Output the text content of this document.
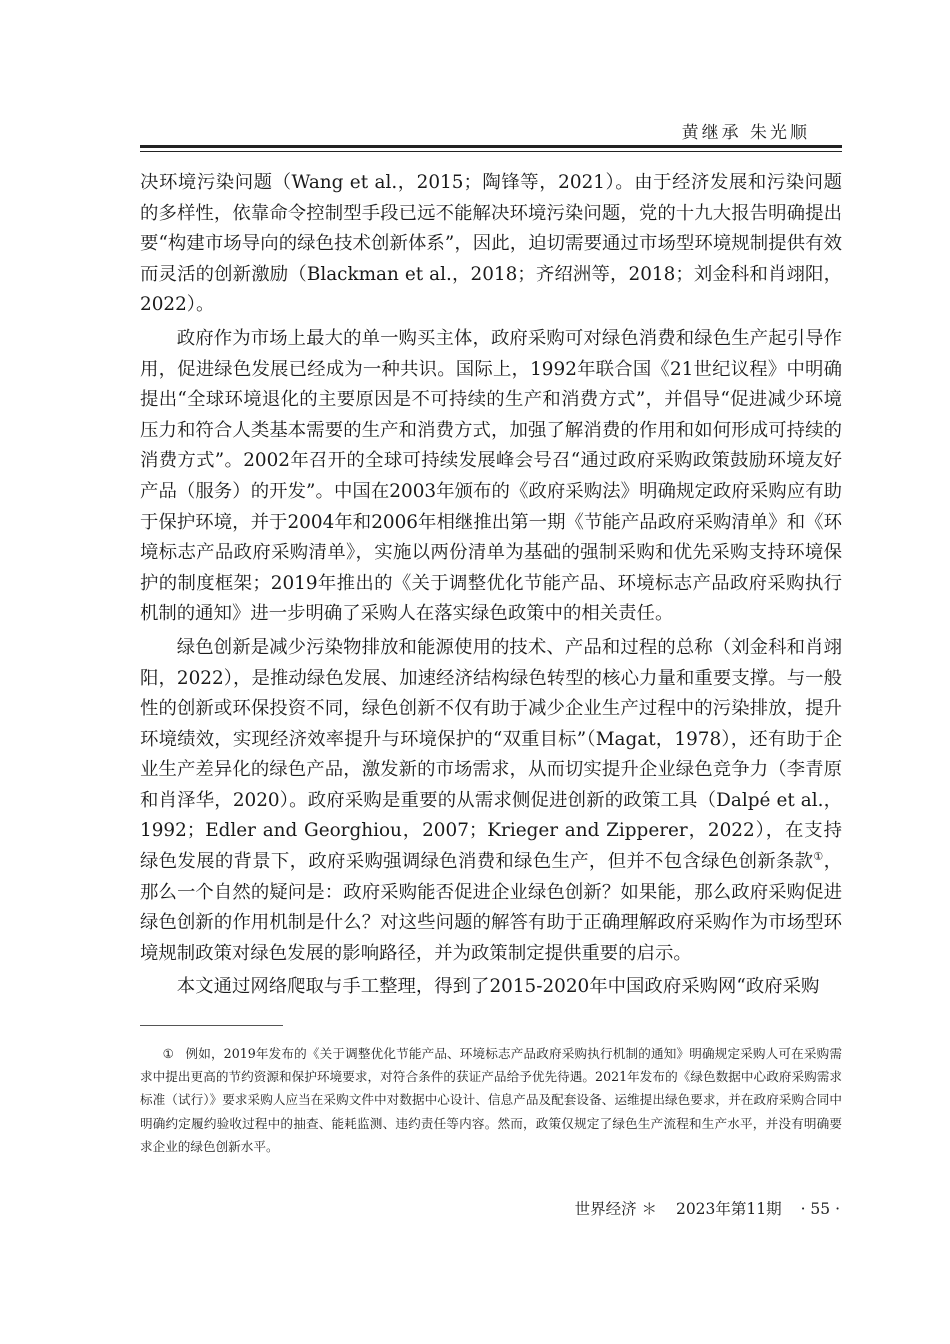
黄继承 朱光顺

决环境污染问题（Wang et al.，2015；陶锋等，2021）。由于经济发展和污染问题的多样性，依靠命令控制型手段已远不能解决环境污染问题，党的十九大报告明确提出要“构建市场导向的绿色技术创新体系”，因此，迫切需要通过市场型环境规制提供有效而灵活的创新激励（Blackman et al.，2018；齐绍洲等，2018；刘金科和肖翊阳，2022）。

政府作为市场上最大的单一购买主体，政府采购可对绿色消费和绿色生产起引导作用，促进绿色发展已经成为一种共识。国际上，1992年联合国《21世纪议程》中明确提出“全球环境退化的主要原因是不可持续的生产和消费方式”，并倡导“促进减少环境压力和符合人类基本需要的生产和消费方式，加强了解消费的作用和如何形成可持续的消费方式”。2002年召开的全球可持续发展峰会号召“通过政府采购政策鼓励环境友好产品（服务）的开发”。中国在2003年颁布的《政府采购法》明确规定政府采购应有助于保护环境，并于2004年和2006年相继推出第一期《节能产品政府采购清单》和《环境标志产品政府采购清单》，实施以两份清单为基础的强制采购和优先采购支持环境保护的制度框架；2019年推出的《关于调整优化节能产品、环境标志产品政府采购执行机制的通知》进一步明确了采购人在落实绿色政策中的相关责任。

绿色创新是减少污染物排放和能源使用的技术、产品和过程的总称（刘金科和肖翊阳，2022），是推动绿色发展、加速经济结构绿色转型的核心力量和重要支撑。与一般性的创新或环保投资不同，绿色创新不仅有助于减少企业生产过程中的污染排放，提升环境绩效，实现经济效率提升与环境保护的“双重目标”（Magat，1978），还有助于企业生产差异化的绿色产品，激发新的市场需求，从而切实提升企业绿色竞争力（李青原和肖泽华，2020）。政府采购是重要的从需求侧促进创新的政策工具（Dalpé et al.，1992；Edler and Georghiou，2007；Krieger and Zipperer，2022），在支持绿色发展的背景下，政府采购强调绿色消费和绿色生产，但并不包含绿色创新条款①，那么一个自然的疑问是：政府采购能否促进企业绿色创新？如果能，那么政府采购促进绿色创新的作用机制是什么？对这些问题的解答有助于正确理解政府采购作为市场型环境规制政策对绿色发展的影响路径，并为政策制定提供重要的启示。

本文通过网络爬取与手工整理，得到了2015-2020年中国政府采购网“政府采购

① 例如，2019年发布的《关于调整优化节能产品、环境标志产品政府采购执行机制的通知》明确规定采购人可在采购需求中提出更高的节约资源和保护环境要求，对符合条件的获证产品给予优先待遇。2021年发布的《绿色数据中心政府采购需求标准（试行）》要求采购人应当在采购文件中对数据中心设计、信息产品及配套设备、运维提出绿色要求，并在政府采购合同中明确约定履约验收过程中的抽查、能耗监测、违约责任等内容。然而，政策仅规定了绿色生产流程和生产水平，并没有明确要求企业的绿色创新水平。
世界经济 ＊ 2023年第11期 · 55 ·
